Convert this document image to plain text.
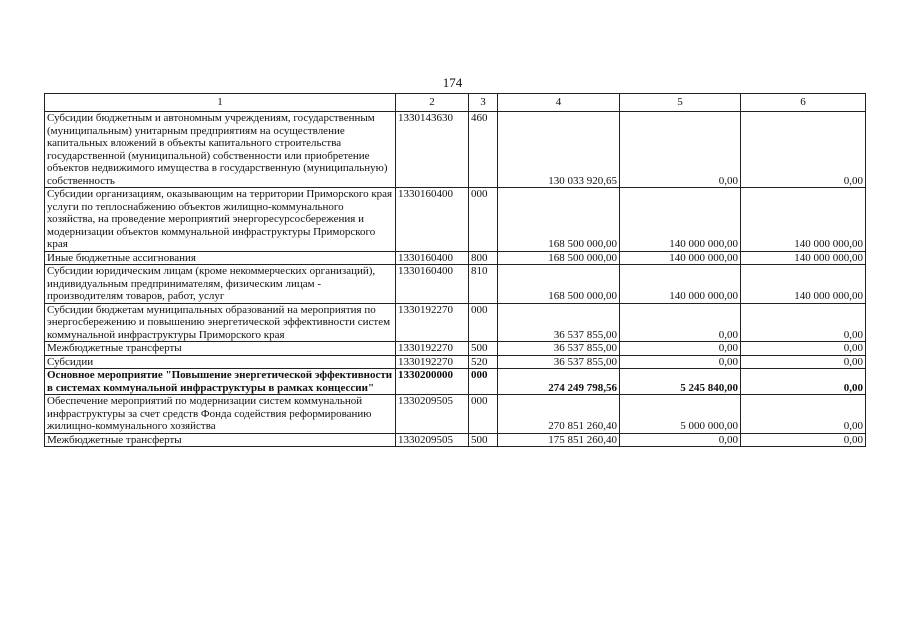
174
1	2	3	4	5	6
Субсидии бюджетным и автономным учреждениям, государственным (муниципальным) унитарным предприятиям на осуществление капитальных вложений в объекты капитального строительства государственной (муниципальной) собственности или приобретение объектов недвижимого имущества в государственную (муниципальную) собственность	1330143630	460	130 033 920,65	0,00	0,00
Субсидии организациям, оказывающим на территории Приморского края услуги по теплоснабжению объектов жилищно-коммунального хозяйства, на проведение мероприятий энергоресурсосбережения и модернизации объектов коммунальной инфраструктуры Приморского края	1330160400	000	168 500 000,00	140 000 000,00	140 000 000,00
Иные бюджетные ассигнования	1330160400	800	168 500 000,00	140 000 000,00	140 000 000,00
Субсидии юридическим лицам (кроме некоммерческих организаций), индивидуальным предпринимателям, физическим лицам - производителям товаров, работ, услуг	1330160400	810	168 500 000,00	140 000 000,00	140 000 000,00
Субсидии бюджетам муниципальных образований на мероприятия по энергосбережению и повышению энергетической эффективности систем коммунальной инфраструктуры Приморского края	1330192270	000	36 537 855,00	0,00	0,00
Межбюджетные трансферты	1330192270	500	36 537 855,00	0,00	0,00
Субсидии	1330192270	520	36 537 855,00	0,00	0,00
Основное мероприятие "Повышение энергетической эффективности в системах коммунальной инфраструктуры в рамках концессии"	1330200000	000	274 249 798,56	5 245 840,00	0,00
Обеспечение мероприятий по модернизации систем коммунальной инфраструктуры за счет средств Фонда содействия реформированию жилищно-коммунального хозяйства	1330209505	000	270 851 260,40	5 000 000,00	0,00
Межбюджетные трансферты	1330209505	500	175 851 260,40	0,00	0,00
